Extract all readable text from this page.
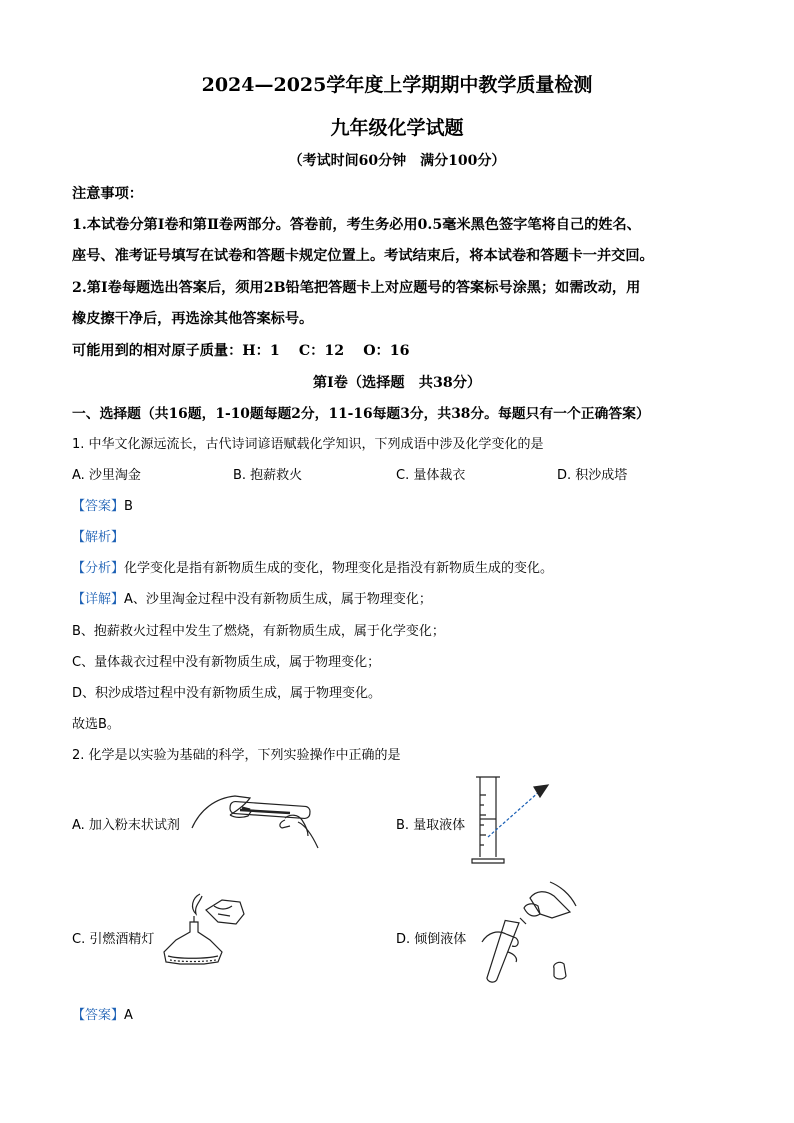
2024—2025学年度上学期期中教学质量检测
九年级化学试题
（考试时间60分钟　满分100分）
注意事项：
1.本试卷分第Ⅰ卷和第Ⅱ卷两部分。答卷前，考生务必用0.5毫米黑色签字笔将自己的姓名、
座号、准考证号填写在试卷和答题卡规定位置上。考试结束后，将本试卷和答题卡一并交回。
2.第Ⅰ卷每题选出答案后，须用2B铅笔把答题卡上对应题号的答案标号涂黑；如需改动，用
橡皮擦干净后，再选涂其他答案标号。
可能用到的相对原子质量：H：1　 C：12　 O：16
第Ⅰ卷（选择题　共38分）
一、选择题（共16题，1-10题每题2分，11-16每题3分，共38分。每题只有一个正确答案）
1. 中华文化源远流长，古代诗词谚语赋载化学知识，下列成语中涉及化学变化的是
A. 沙里淘金	B. 抱薪救火	C. 量体裁衣	D. 积沙成塔
【答案】B
【解析】
【分析】化学变化是指有新物质生成的变化，物理变化是指没有新物质生成的变化。
【详解】A、沙里淘金过程中没有新物质生成，属于物理变化；
B、抱薪救火过程中发生了燃烧，有新物质生成，属于化学变化；
C、量体裁衣过程中没有新物质生成，属于物理变化；
D、积沙成塔过程中没有新物质生成，属于物理变化。
故选B。
2. 化学是以实验为基础的科学，下列实验操作中正确的是
A. 加入粉末状试剂	B. 量取液体
C. 引燃酒精灯	D. 倾倒液体
【答案】A
